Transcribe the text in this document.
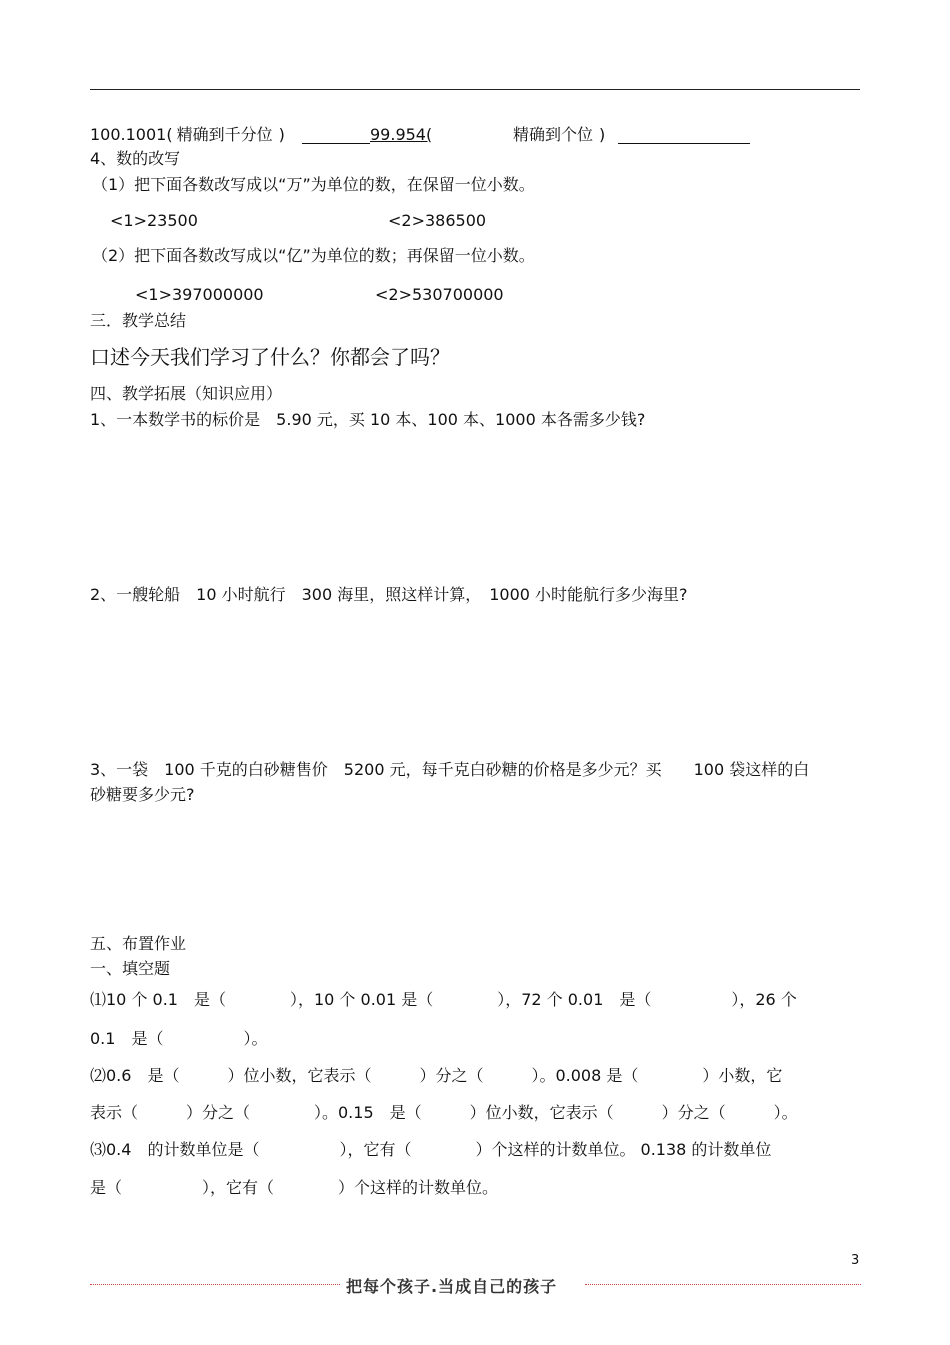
100.1001( 精确到千分位 )	99.954(	精确到个位 )
4、数的改写
（1）把下面各数改写成以“万”为单位的数，在保留一位小数。
<1>23500	<2>386500
（2）把下面各数改写成以“亿”为单位的数；再保留一位小数。
<1>397000000	<2>530700000
三．教学总结
口述今天我们学习了什么？你都会了吗？
四、教学拓展（知识应用）
1、一本数学书的标价是　5.90 元，买 10 本、100 本、1000 本各需多少钱?
2、一艘轮船　10 小时航行　300 海里，照这样计算，　1000 小时能航行多少海里?
3、一袋　100 千克的白砂糖售价　5200 元，每千克白砂糖的价格是多少元？买　　100 袋这样的白
砂糖要多少元?
五、布置作业
一、填空题
⑴10 个 0.1　是（　　　　），10 个 0.01 是（　　　　），72 个 0.01　是（　　　　　），26 个
0.1　是（　　　　　）。
⑵0.6　是（　　　）位小数，它表示（　　　）分之（　　　）。0.008 是（　　　　）小数，它
表示（　　　）分之（　　　　）。0.15　是（　　　）位小数，它表示（　　　）分之（　　　）。
⑶0.4　的计数单位是（　　　　　），它有（　　　　）个这样的计数单位。 0.138 的计数单位
是（　　　　　），它有（　　　　）个这样的计数单位。
3
把每个孩子.当成自己的孩子
